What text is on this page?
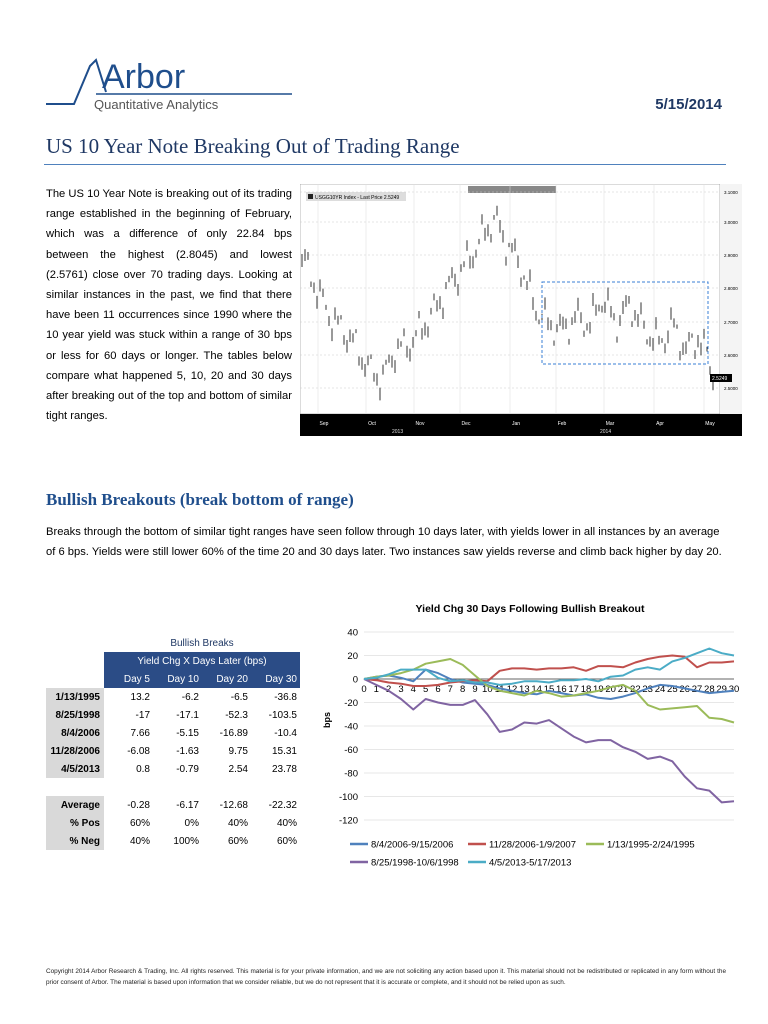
Arbor
Quantitative Analytics	5/15/2014
US 10 Year Note Breaking Out of Trading Range
The US 10 Year Note is breaking out of its trading range established in the beginning of February, which was a difference of only 22.84 bps between the highest (2.8045) and lowest (2.5761) close over 70 trading days. Looking at similar instances in the past, we find that there have been 11 occurrences since 1990 where the 10 year yield was stuck within a range of 30 bps or less for 60 days or longer. The tables below compare what happened 5, 10, 20 and 30 days after breaking out of the top and bottom of similar tight ranges.
USGG10YR Index - Last Price 2.5249
3.1000
3.0000
2.9000
2.8000
2.7000
2.6000
2.5000
2.5249
Sep	Oct	Nov	Dec	Jan	Feb	Mar	Apr	May
2013	2014
Bullish Breakouts (break bottom of range)
Breaks through the bottom of similar tight ranges have seen follow through 10 days later, with yields lower in all instances by an average of 6 bps. Yields were still lower 60% of the time 20 and 30 days later. Two instances saw yields reverse and climb back higher by day 20.
Bullish Breaks
	Yield Chg X Days Later (bps)			
	Day 5	Day 10	Day 20	Day 30
1/13/1995	13.2	-6.2	-6.5	-36.8
8/25/1998	-17	-17.1	-52.3	-103.5
8/4/2006	7.66	-5.15	-16.89	-10.4
11/28/2006	-6.08	-1.63	9.75	15.31
4/5/2013	0.8	-0.79	2.54	23.78

Average	-0.28	-6.17	-12.68	-22.32
% Pos	60%	0%	40%	40%
% Neg	40%	100%	60%	60%
Yield Chg 30 Days Following Bullish Breakout
bps
40
20
0
-20
-40
-60
-80
-100
-120
0 1 2 3 4 5 6 7 8 9 10 11 12 13 14 15 16 17 18 19 20 21 22 23 24 25 26 27 28 29 30
8/4/2006-9/15/2006	11/28/2006-1/9/2007	1/13/1995-2/24/1995
8/25/1998-10/6/1998	4/5/2013-5/17/2013
Copyright 2014 Arbor Research & Trading, Inc. All rights reserved. This material is for your private information, and we are not soliciting any action based upon it. This material should not be redistributed or replicated in any form without the prior consent of Arbor. The material is based upon information that we consider reliable, but we do not represent that it is accurate or complete, and it should not be relied upon as such.
